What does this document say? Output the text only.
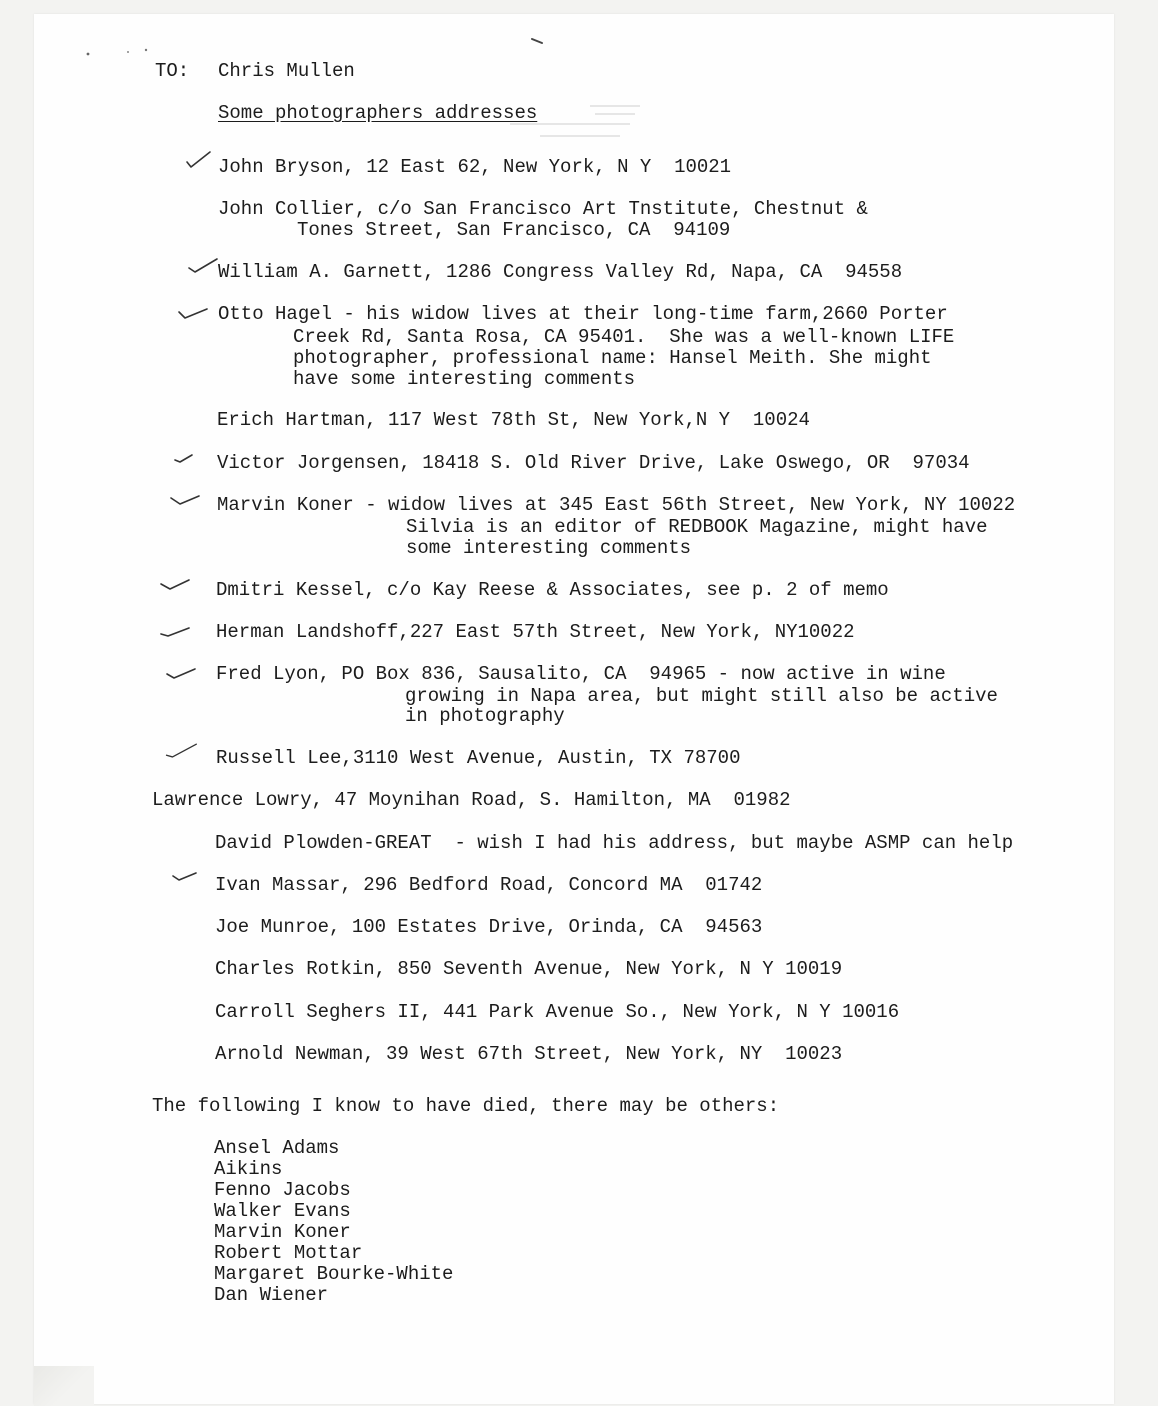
TO: Chris Mullen

Some photographers addresses

John Bryson, 12 East 62, New York, N Y  10021

John Collier, c/o San Francisco Art Tnstitute, Chestnut &

Tones Street, San Francisco, CA  94109

William A. Garnett, 1286 Congress Valley Rd, Napa, CA  94558

Otto Hagel - his widow lives at their long-time farm,2660 Porter

Creek Rd, Santa Rosa, CA 95401.  She was a well-known LIFE

photographer, professional name: Hansel Meith. She might

have some interesting comments

Erich Hartman, 117 West 78th St, New York,N Y  10024

Victor Jorgensen, 18418 S. Old River Drive, Lake Oswego, OR  97034

Marvin Koner - widow lives at 345 East 56th Street, New York, NY 10022

Silvia is an editor of REDBOOK Magazine, might have

some interesting comments

Dmitri Kessel, c/o Kay Reese & Associates, see p. 2 of memo

Herman Landshoff,227 East 57th Street, New York, NY10022

Fred Lyon, PO Box 836, Sausalito, CA  94965 - now active in wine

growing in Napa area, but might still also be active

in photography

Russell Lee,3110 West Avenue, Austin, TX 78700

Lawrence Lowry, 47 Moynihan Road, S. Hamilton, MA  01982

David Plowden-GREAT  - wish I had his address, but maybe ASMP can help

Ivan Massar, 296 Bedford Road, Concord MA  01742

Joe Munroe, 100 Estates Drive, Orinda, CA  94563

Charles Rotkin, 850 Seventh Avenue, New York, N Y 10019

Carroll Seghers II, 441 Park Avenue So., New York, N Y 10016

Arnold Newman, 39 West 67th Street, New York, NY  10023

The following I know to have died, there may be others:

Ansel Adams

Aikins

Fenno Jacobs

Walker Evans

Marvin Koner

Robert Mottar

Margaret Bourke-White

Dan Wiener
